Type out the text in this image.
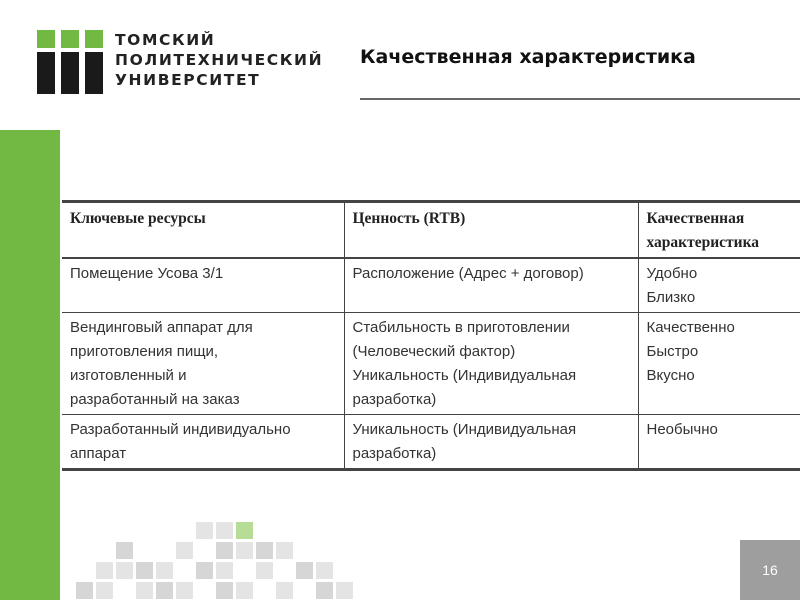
ТОМСКИЙ
ПОЛИТЕХНИЧЕСКИЙ
УНИВЕРСИТЕТ
Качественная характеристика
Ключевые ресурсы	Ценность (RTB)	Качественная характеристика

Помещение Усова 3/1	Расположение (Адрес + договор)	Удобно
Близко

Вендинговый аппарат для
приготовления пищи,
изготовленный и
разработанный на заказ	Стабильность в приготовлении
(Человеческий фактор)
Уникальность (Индивидуальная
разработка)	Качественно
Быстро
Вкусно

Разработанный индивидуально
аппарат	Уникальность (Индивидуальная
разработка)	Необычно
16
